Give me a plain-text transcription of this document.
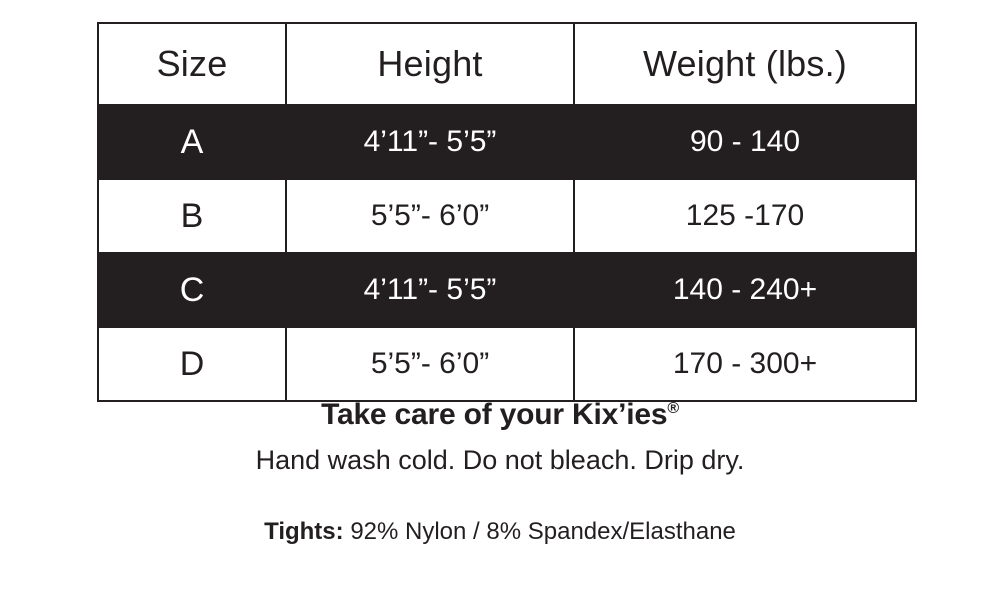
Size	Height	Weight (lbs.)
A	4’11”- 5’5”	90 - 140
B	5’5”- 6’0”	125 -170
C	4’11”- 5’5”	140 - 240+
D	5’5”- 6’0”	170 - 300+
Take care of your Kix’ies®
Hand wash cold. Do not bleach. Drip dry.
Tights: 92% Nylon / 8% Spandex/Elasthane
